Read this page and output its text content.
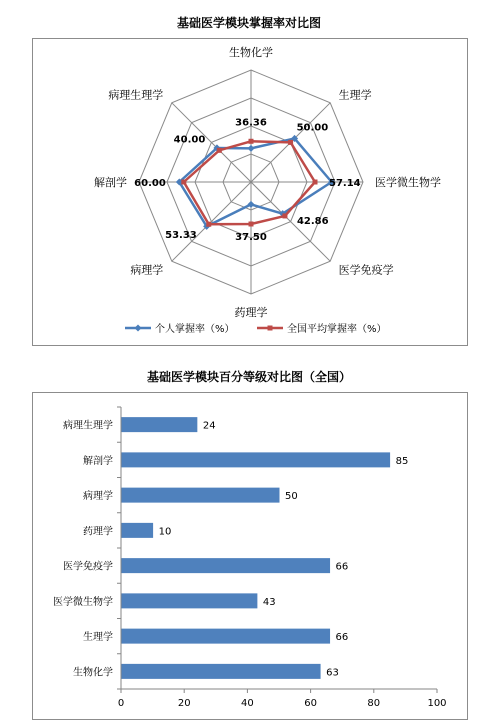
基础医学模块掌握率对比图
生物化学
生理学
医学微生物学
医学免疫学
药理学
病理学
解剖学
病理生理学
36.36	50.00
57.14
42.86
37.50
53.33
60.00
40.00
个人掌握率（%）	全国平均掌握率（%）
基础医学模块百分等级对比图（全国）
0	20	40	60	80	100
病理生理学	24
解剖学	85
病理学	50
药理学	10
医学免疫学	66
医学微生物学	43
生理学	66
生物化学	63
